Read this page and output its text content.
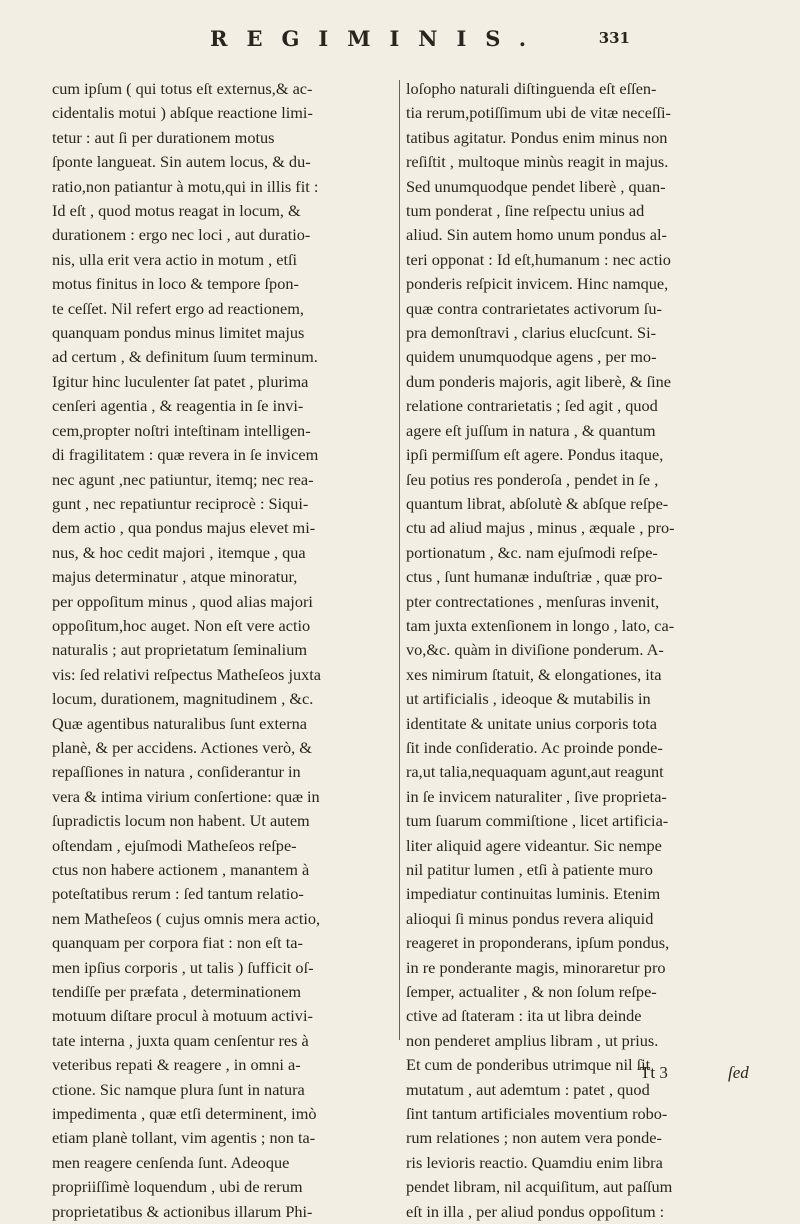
REGIMINIS.	331
cum ipſum ( qui totus eſt externus,& ac-
cidentalis motui ) abſque reactione limi-
tetur : aut ſi per durationem motus
ſponte langueat. Sin autem locus, & du-
ratio,non patiantur à motu,qui in illis fit :
Id eſt , quod motus reagat in locum, &
durationem : ergo nec loci , aut duratio-
nis, ulla erit vera actio in motum , etſi
motus finitus in loco & tempore ſpon-
te ceſſet. Nil refert ergo ad reactionem,
quanquam pondus minus limitet majus
ad certum , & definitum ſuum terminum.
Igitur hinc luculenter ſat patet , plurima
cenſeri agentia , & reagentia in ſe invi-
cem,propter noſtri inteſtinam intelligen-
di fragilitatem : quæ revera in ſe invicem
nec agunt ,nec patiuntur, itemq; nec rea-
gunt , nec repatiuntur reciprocè : Siqui-
dem actio , qua pondus majus elevet mi-
nus, & hoc cedit majori , itemque , qua
majus determinatur , atque minoratur,
per oppoſitum minus , quod alias majori
oppoſitum,hoc auget. Non eſt vere actio
naturalis ; aut proprietatum ſeminalium
vis: ſed relativi reſpectus Matheſeos juxta
locum, durationem, magnitudinem , &c.
Quæ agentibus naturalibus ſunt externa
planè, & per accidens. Actiones verò, &
repaſſiones in natura , conſiderantur in
vera & intima virium conſertione: quæ in
ſupradictis locum non habent. Ut autem
oſtendam , ejuſmodi Matheſeos reſpe-
ctus non habere actionem , manantem à
poteſtatibus rerum : ſed tantum relatio-
nem Matheſeos ( cujus omnis mera actio,
quanquam per corpora fiat : non eſt ta-
men ipſius corporis , ut talis ) ſufficit oſ-
tendiſſe per præfata , determinationem
motuum diſtare procul à motuum activi-
tate interna , juxta quam cenſentur res à
veteribus repati & reagere , in omni a-
ctione. Sic namque plura ſunt in natura
impedimenta , quæ etſi determinent, imò
etiam planè tollant, vim agentis ; non ta-
men reagere cenſenda ſunt. Adeoque
propriiſſimè loquendum , ubi de rerum
proprietatibus & actionibus illarum Phi-
loſopho naturali diſtinguenda eſt eſſen-
tia rerum,potiſſimum ubi de vitæ neceſſi-
tatibus agitatur. Pondus enim minus non
reſiſtit , multoque minùs reagit in majus.
Sed unumquodque pendet liberè , quan-
tum ponderat , ſine reſpectu unius ad
aliud. Sin autem homo unum pondus al-
teri opponat : Id eſt,humanum : nec actio
ponderis reſpicit invicem. Hinc namque,
quæ contra contrarietates activorum ſu-
pra demonſtravi , clarius elucſcunt. Si-
quidem unumquodque agens , per mo-
dum ponderis majoris, agit liberè, & ſine
relatione contrarietatis ; ſed agit , quod
agere eſt juſſum in natura , & quantum
ipſi permiſſum eſt agere. Pondus itaque,
ſeu potius res ponderoſa , pendet in ſe ,
quantum librat, abſolutè & abſque reſpe-
ctu ad aliud majus , minus , æquale , pro-
portionatum , &c. nam ejuſmodi reſpe-
ctus , ſunt humanæ induſtriæ , quæ pro-
pter contrectationes , menſuras invenit,
tam juxta extenſionem in longo , lato, ca-
vo,&c. quàm in diviſione ponderum. A-
xes nimirum ſtatuit, & elongationes, ita
ut artificialis , ideoque & mutabilis in
identitate & unitate unius corporis tota
ſit inde conſideratio. Ac proinde ponde-
ra,ut talia,nequaquam agunt,aut reagunt
in ſe invicem naturaliter , ſive proprieta-
tum ſuarum commiſtione , licet artificia-
liter aliquid agere videantur. Sic nempe
nil patitur lumen , etſi à patiente muro
impediatur continuitas luminis. Etenim
alioqui ſi minus pondus revera aliquid
reageret in proponderans, ipſum pondus,
in re ponderante magis, minoraretur pro
ſemper, actualiter , & non ſolum reſpe-
ctive ad ſtateram : ita ut libra deinde
non penderet amplius libram , ut prius.
Et cum de ponderibus utrimque nil ſit
mutatum , aut ademtum : patet , quod
ſint tantum artificiales moventium robo-
rum relationes ; non autem vera ponde-
ris levioris reactio. Quamdiu enim libra
pendet libram, nil acquiſitum, aut paſſum
eſt in illa , per aliud pondus oppoſitum :
Tt 3	ſed
